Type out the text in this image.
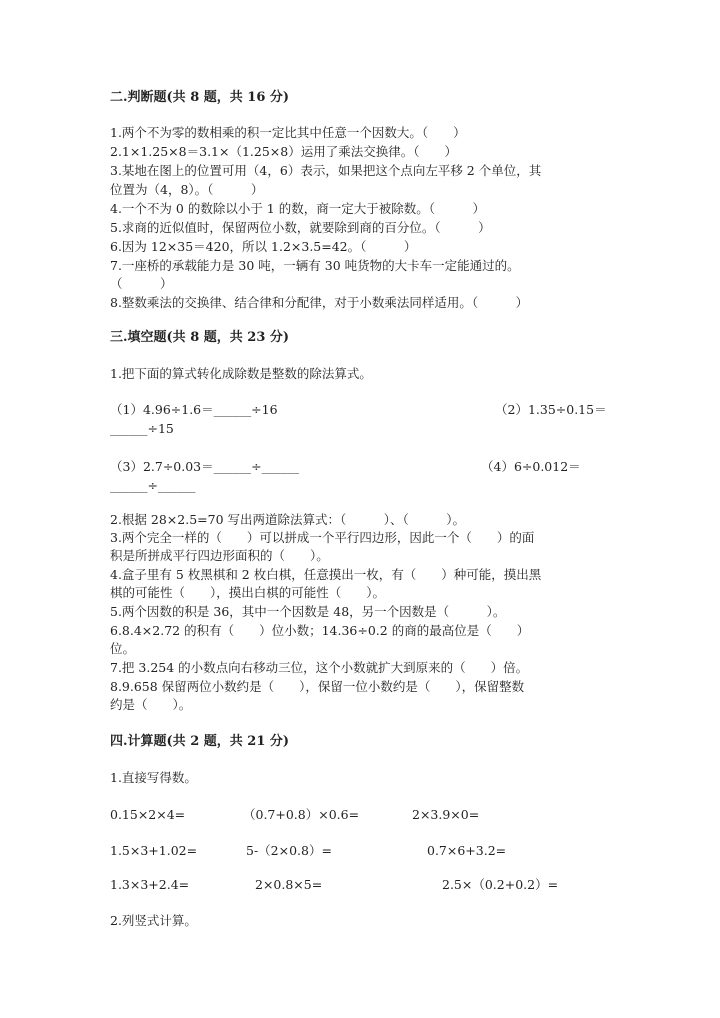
二.判断题(共 8 题，共 16 分)
1.两个不为零的数相乘的积一定比其中任意一个因数大。（　　）
2.1×1.25×8＝3.1×（1.25×8）运用了乘法交换律。（　　）
3.某地在图上的位置可用（4，6）表示，如果把这个点向左平移 2 个单位，其
位置为（4，8）。（　　　）
4.一个不为 0 的数除以小于 1 的数，商一定大于被除数。（　　　）
5.求商的近似值时，保留两位小数，就要除到商的百分位。（　　　）
6.因为 12×35＝420，所以 1.2×3.5=42。（　　　）
7.一座桥的承载能力是 30 吨，一辆有 30 吨货物的大卡车一定能通过的。
（　　　）
8.整数乘法的交换律、结合律和分配律，对于小数乘法同样适用。（　　　）
三.填空题(共 8 题，共 23 分)
1.把下面的算式转化成除数是整数的除法算式。
（1）4.96÷1.6＝______÷16	（2）1.35÷0.15＝
______÷15
（3）2.7÷0.03＝______÷______	（4）6÷0.012＝
______÷______
2.根据 28×2.5=70 写出两道除法算式：（　　　）、（　　　）。
3.两个完全一样的（　　）可以拼成一个平行四边形，因此一个（　　）的面
积是所拼成平行四边形面积的（　　）。
4.盒子里有 5 枚黑棋和 2 枚白棋，任意摸出一枚，有（　　）种可能，摸出黑
棋的可能性（　　），摸出白棋的可能性（　　）。
5.两个因数的积是 36，其中一个因数是 48，另一个因数是（　　　）。
6.8.4×2.72 的积有（　　）位小数；14.36÷0.2 的商的最高位是（　　）
位。
7.把 3.254 的小数点向右移动三位，这个小数就扩大到原来的（　　）倍。
8.9.658 保留两位小数约是（　　），保留一位小数约是（　　），保留整数
约是（　　）。
四.计算题(共 2 题，共 21 分)
1.直接写得数。
0.15×2×4=	（0.7+0.8）×0.6=	2×3.9×0=
1.5×3+1.02=	5-（2×0.8）=	0.7×6+3.2=
1.3×3+2.4=	2×0.8×5=	2.5×（0.2+0.2）=
2.列竖式计算。
